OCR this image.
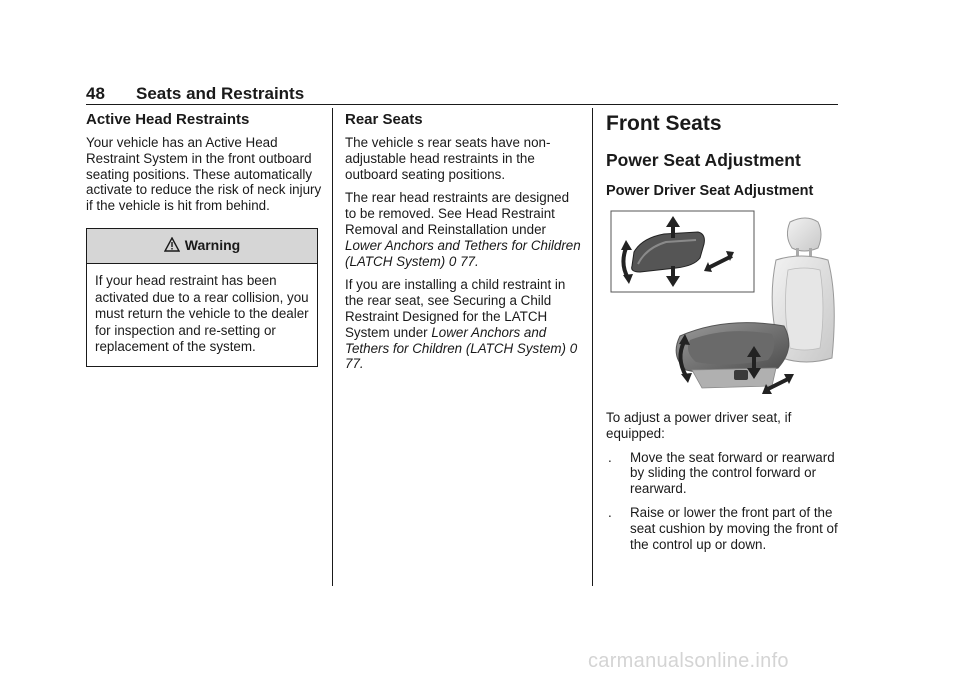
48 Seats and Restraints
Active Head Restraints

Your vehicle has an Active Head Restraint System in the front outboard seating positions. These automatically activate to reduce the risk of neck injury if the vehicle is hit from behind.

Warning
If your head restraint has been activated due to a rear collision, you must return the vehicle to the dealer for inspection and re-setting or replacement of the system.
Rear Seats

The vehicle s rear seats have non-adjustable head restraints in the outboard seating positions.

The rear head restraints are designed to be removed. See Head Restraint Removal and Reinstallation under Lower Anchors and Tethers for Children (LATCH System) 0 77.

If you are installing a child restraint in the rear seat, see Securing a Child Restraint Designed for the LATCH System under Lower Anchors and Tethers for Children (LATCH System) 0 77.

Front Seats
Power Seat Adjustment
Power Driver Seat Adjustment

To adjust a power driver seat, if equipped:

.	Move the seat forward or rearward by sliding the control forward or rearward.
.	Raise or lower the front part of the seat cushion by moving the front of the control up or down.
carmanualsonline.info
